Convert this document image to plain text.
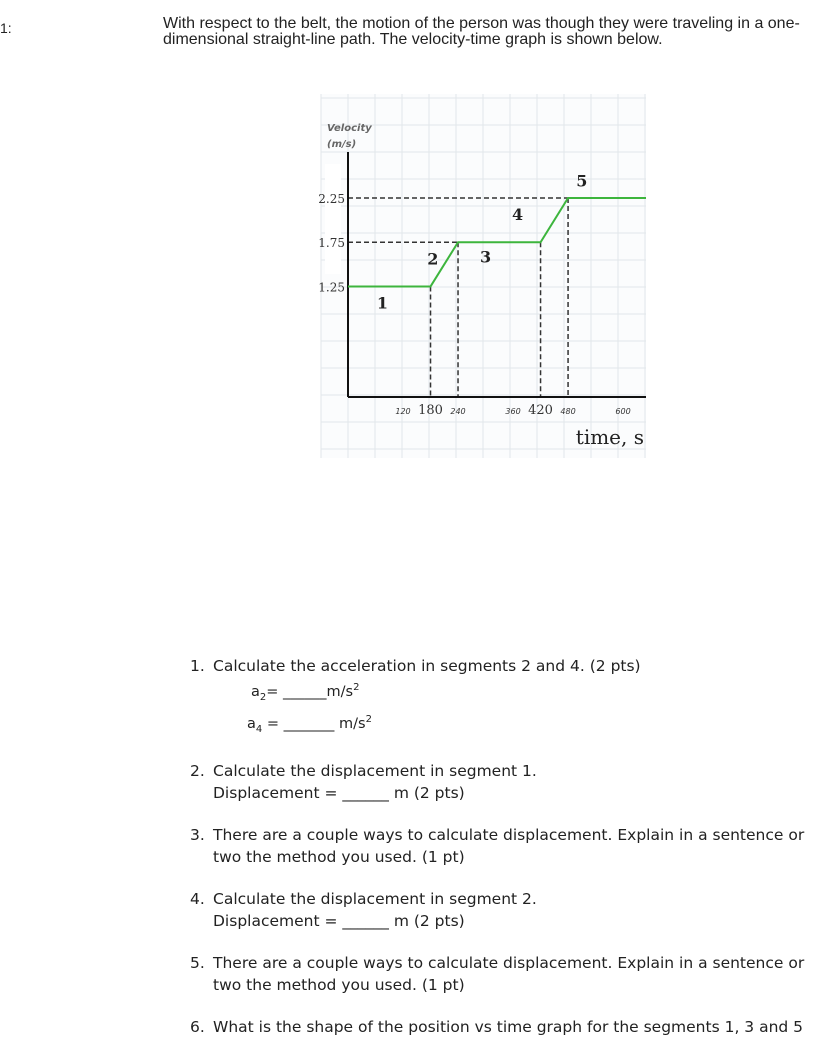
1:	With respect to the belt, the motion of the person was though they were traveling in a one-dimensional straight-line path. The velocity-time graph is shown below.
2.25
1.75
1.25
120 180 240	360 420 480	600
1
2	3
4
5
Velocity
(m/s)
time, s
1. Calculate the acceleration in segments 2 and 4. (2 pts)
$a_2=$ $\_\_\_\_\_\_m/s^2$
$a_4$ = _______ $m/s^2$
2. Calculate the displacement in segment 1.
Displacement = ______ m (2 pts)
3. There are a couple ways to calculate displacement. Explain in a sentence or two the method you used. (1 pt)
4. Calculate the displacement in segment 2.
Displacement = ______ m (2 pts)
5. There are a couple ways to calculate displacement. Explain in a sentence or two the method you used. (1 pt)
6. What is the shape of the position vs time graph for the segments 1, 3 and 5
